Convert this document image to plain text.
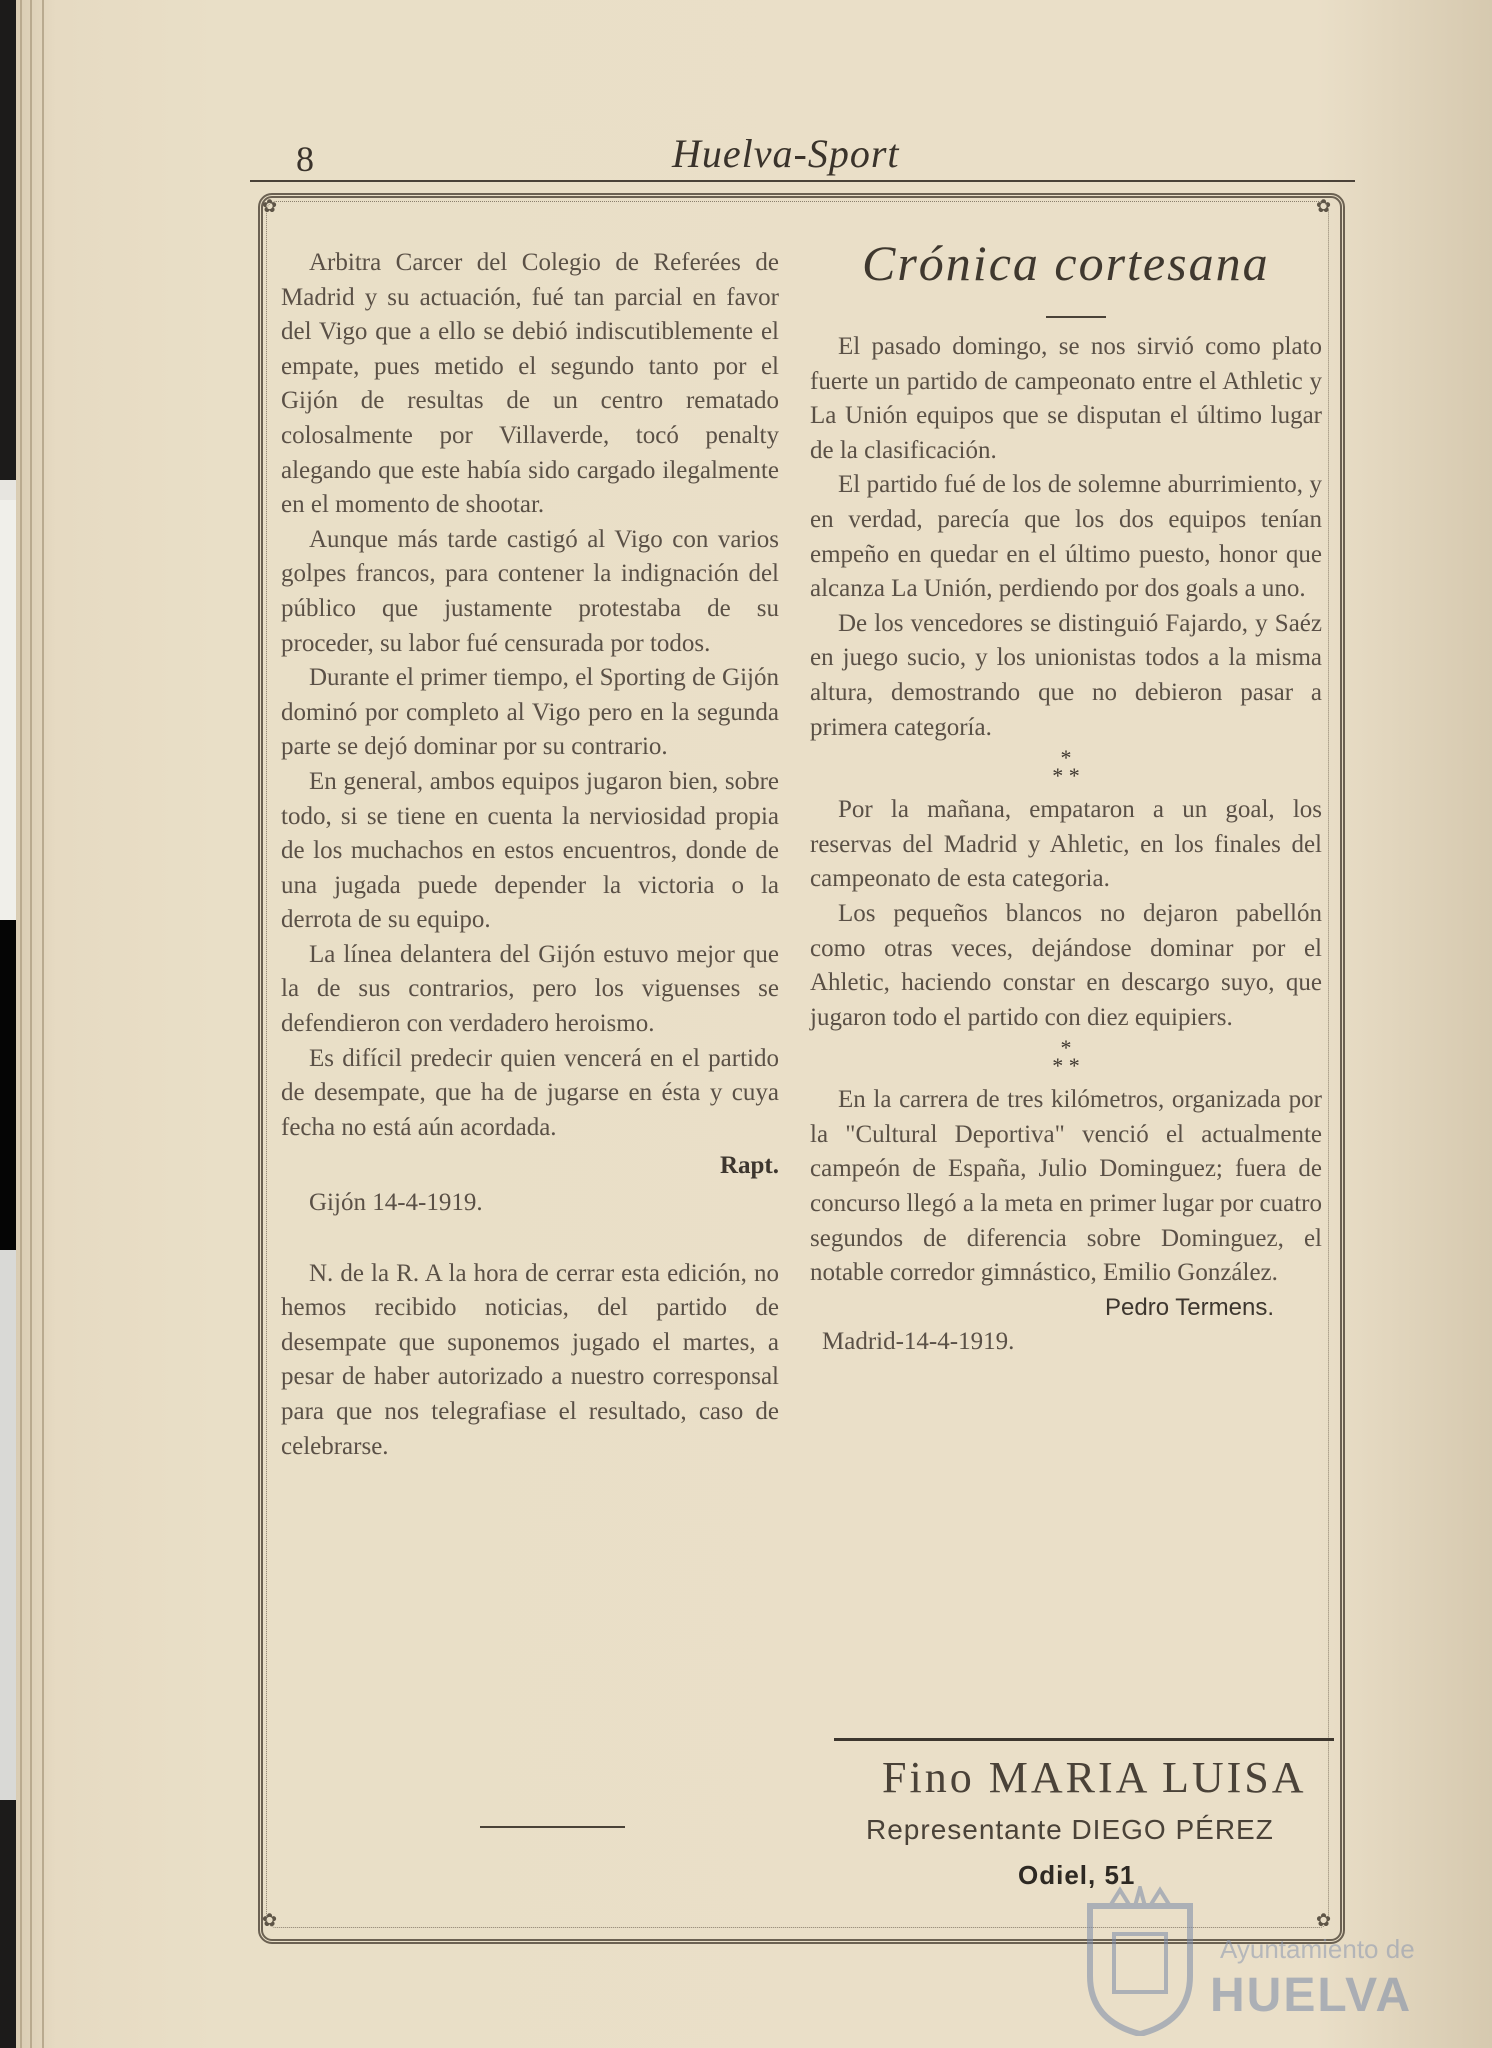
8	Huelva-Sport
✿	✿
✿	✿

Arbitra Carcer del Colegio de Referées de Madrid y su actuación, fué tan parcial en favor del Vigo que a ello se debió indiscutiblemente el empate, pues metido el segundo tanto por el Gijón de resultas de un centro rematado colosalmente por Villaverde, tocó penalty alegando que este había sido cargado ilegalmente en el momento de shootar.

Aunque más tarde castigó al Vigo con varios golpes francos, para contener la indignación del público que justamente protestaba de su proceder, su labor fué censurada por todos.

Durante el primer tiempo, el Sporting de Gijón dominó por completo al Vigo pero en la segunda parte se dejó dominar por su contrario.

En general, ambos equipos jugaron bien, sobre todo, si se tiene en cuenta la nerviosidad propia de los muchachos en estos encuentros, donde de una jugada puede depender la victoria o la derrota de su equipo.

La línea delantera del Gijón estuvo mejor que la de sus contrarios, pero los viguenses se defendieron con verdadero heroismo.

Es difícil predecir quien vencerá en el partido de desempate, que ha de jugarse en ésta y cuya fecha no está aún acordada.

Rapt.
Gijón 14-4-1919.

N. de la R. A la hora de cerrar esta edición, no hemos recibido noticias, del partido de desempate que suponemos jugado el martes, a pesar de haber autorizado a nuestro corresponsal para que nos telegrafiase el resultado, caso de celebrarse.

Crónica cortesana

El pasado domingo, se nos sirvió como plato fuerte un partido de campeonato entre el Athletic y La Unión equipos que se disputan el último lugar de la clasificación.

El partido fué de los de solemne aburrimiento, y en verdad, parecía que los dos equipos tenían empeño en quedar en el último puesto, honor que alcanza La Unión, perdiendo por dos goals a uno.

De los vencedores se distinguió Fajardo, y Saéz en juego sucio, y los unionistas todos a la misma altura, demostrando que no debieron pasar a primera categoría.

*
* *

Por la mañana, empataron a un goal, los reservas del Madrid y Ahletic, en los finales del campeonato de esta categoria.

Los pequeños blancos no dejaron pabellón como otras veces, dejándose dominar por el Ahletic, haciendo constar en descargo suyo, que jugaron todo el partido con diez equipiers.

*
* *

En la carrera de tres kilómetros, organizada por la "Cultural Deportiva" venció el actualmente campeón de España, Julio Dominguez; fuera de concurso llegó a la meta en primer lugar por cuatro segundos de diferencia sobre Dominguez, el notable corredor gimnástico, Emilio González.

Pedro Termens.

Madrid-14-4-1919.

Fino MARIA LUISA
Representante DIEGO PÉREZ
Odiel, 51
Ayuntamiento de
HUELVA
